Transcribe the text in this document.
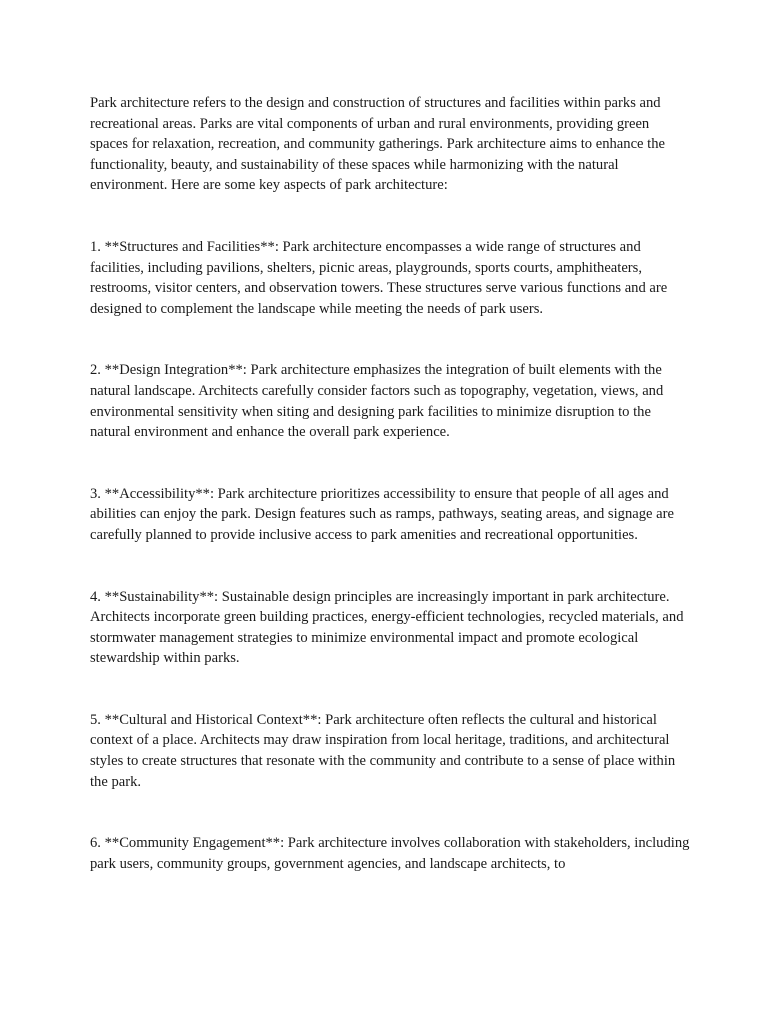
Park architecture refers to the design and construction of structures and facilities within parks and recreational areas. Parks are vital components of urban and rural environments, providing green spaces for relaxation, recreation, and community gatherings. Park architecture aims to enhance the functionality, beauty, and sustainability of these spaces while harmonizing with the natural environment. Here are some key aspects of park architecture:

1. **Structures and Facilities**: Park architecture encompasses a wide range of structures and facilities, including pavilions, shelters, picnic areas, playgrounds, sports courts, amphitheaters, restrooms, visitor centers, and observation towers. These structures serve various functions and are designed to complement the landscape while meeting the needs of park users.

2. **Design Integration**: Park architecture emphasizes the integration of built elements with the natural landscape. Architects carefully consider factors such as topography, vegetation, views, and environmental sensitivity when siting and designing park facilities to minimize disruption to the natural environment and enhance the overall park experience.

3. **Accessibility**: Park architecture prioritizes accessibility to ensure that people of all ages and abilities can enjoy the park. Design features such as ramps, pathways, seating areas, and signage are carefully planned to provide inclusive access to park amenities and recreational opportunities.

4. **Sustainability**: Sustainable design principles are increasingly important in park architecture. Architects incorporate green building practices, energy-efficient technologies, recycled materials, and stormwater management strategies to minimize environmental impact and promote ecological stewardship within parks.

5. **Cultural and Historical Context**: Park architecture often reflects the cultural and historical context of a place. Architects may draw inspiration from local heritage, traditions, and architectural styles to create structures that resonate with the community and contribute to a sense of place within the park.

6. **Community Engagement**: Park architecture involves collaboration with stakeholders, including park users, community groups, government agencies, and landscape architects, to
